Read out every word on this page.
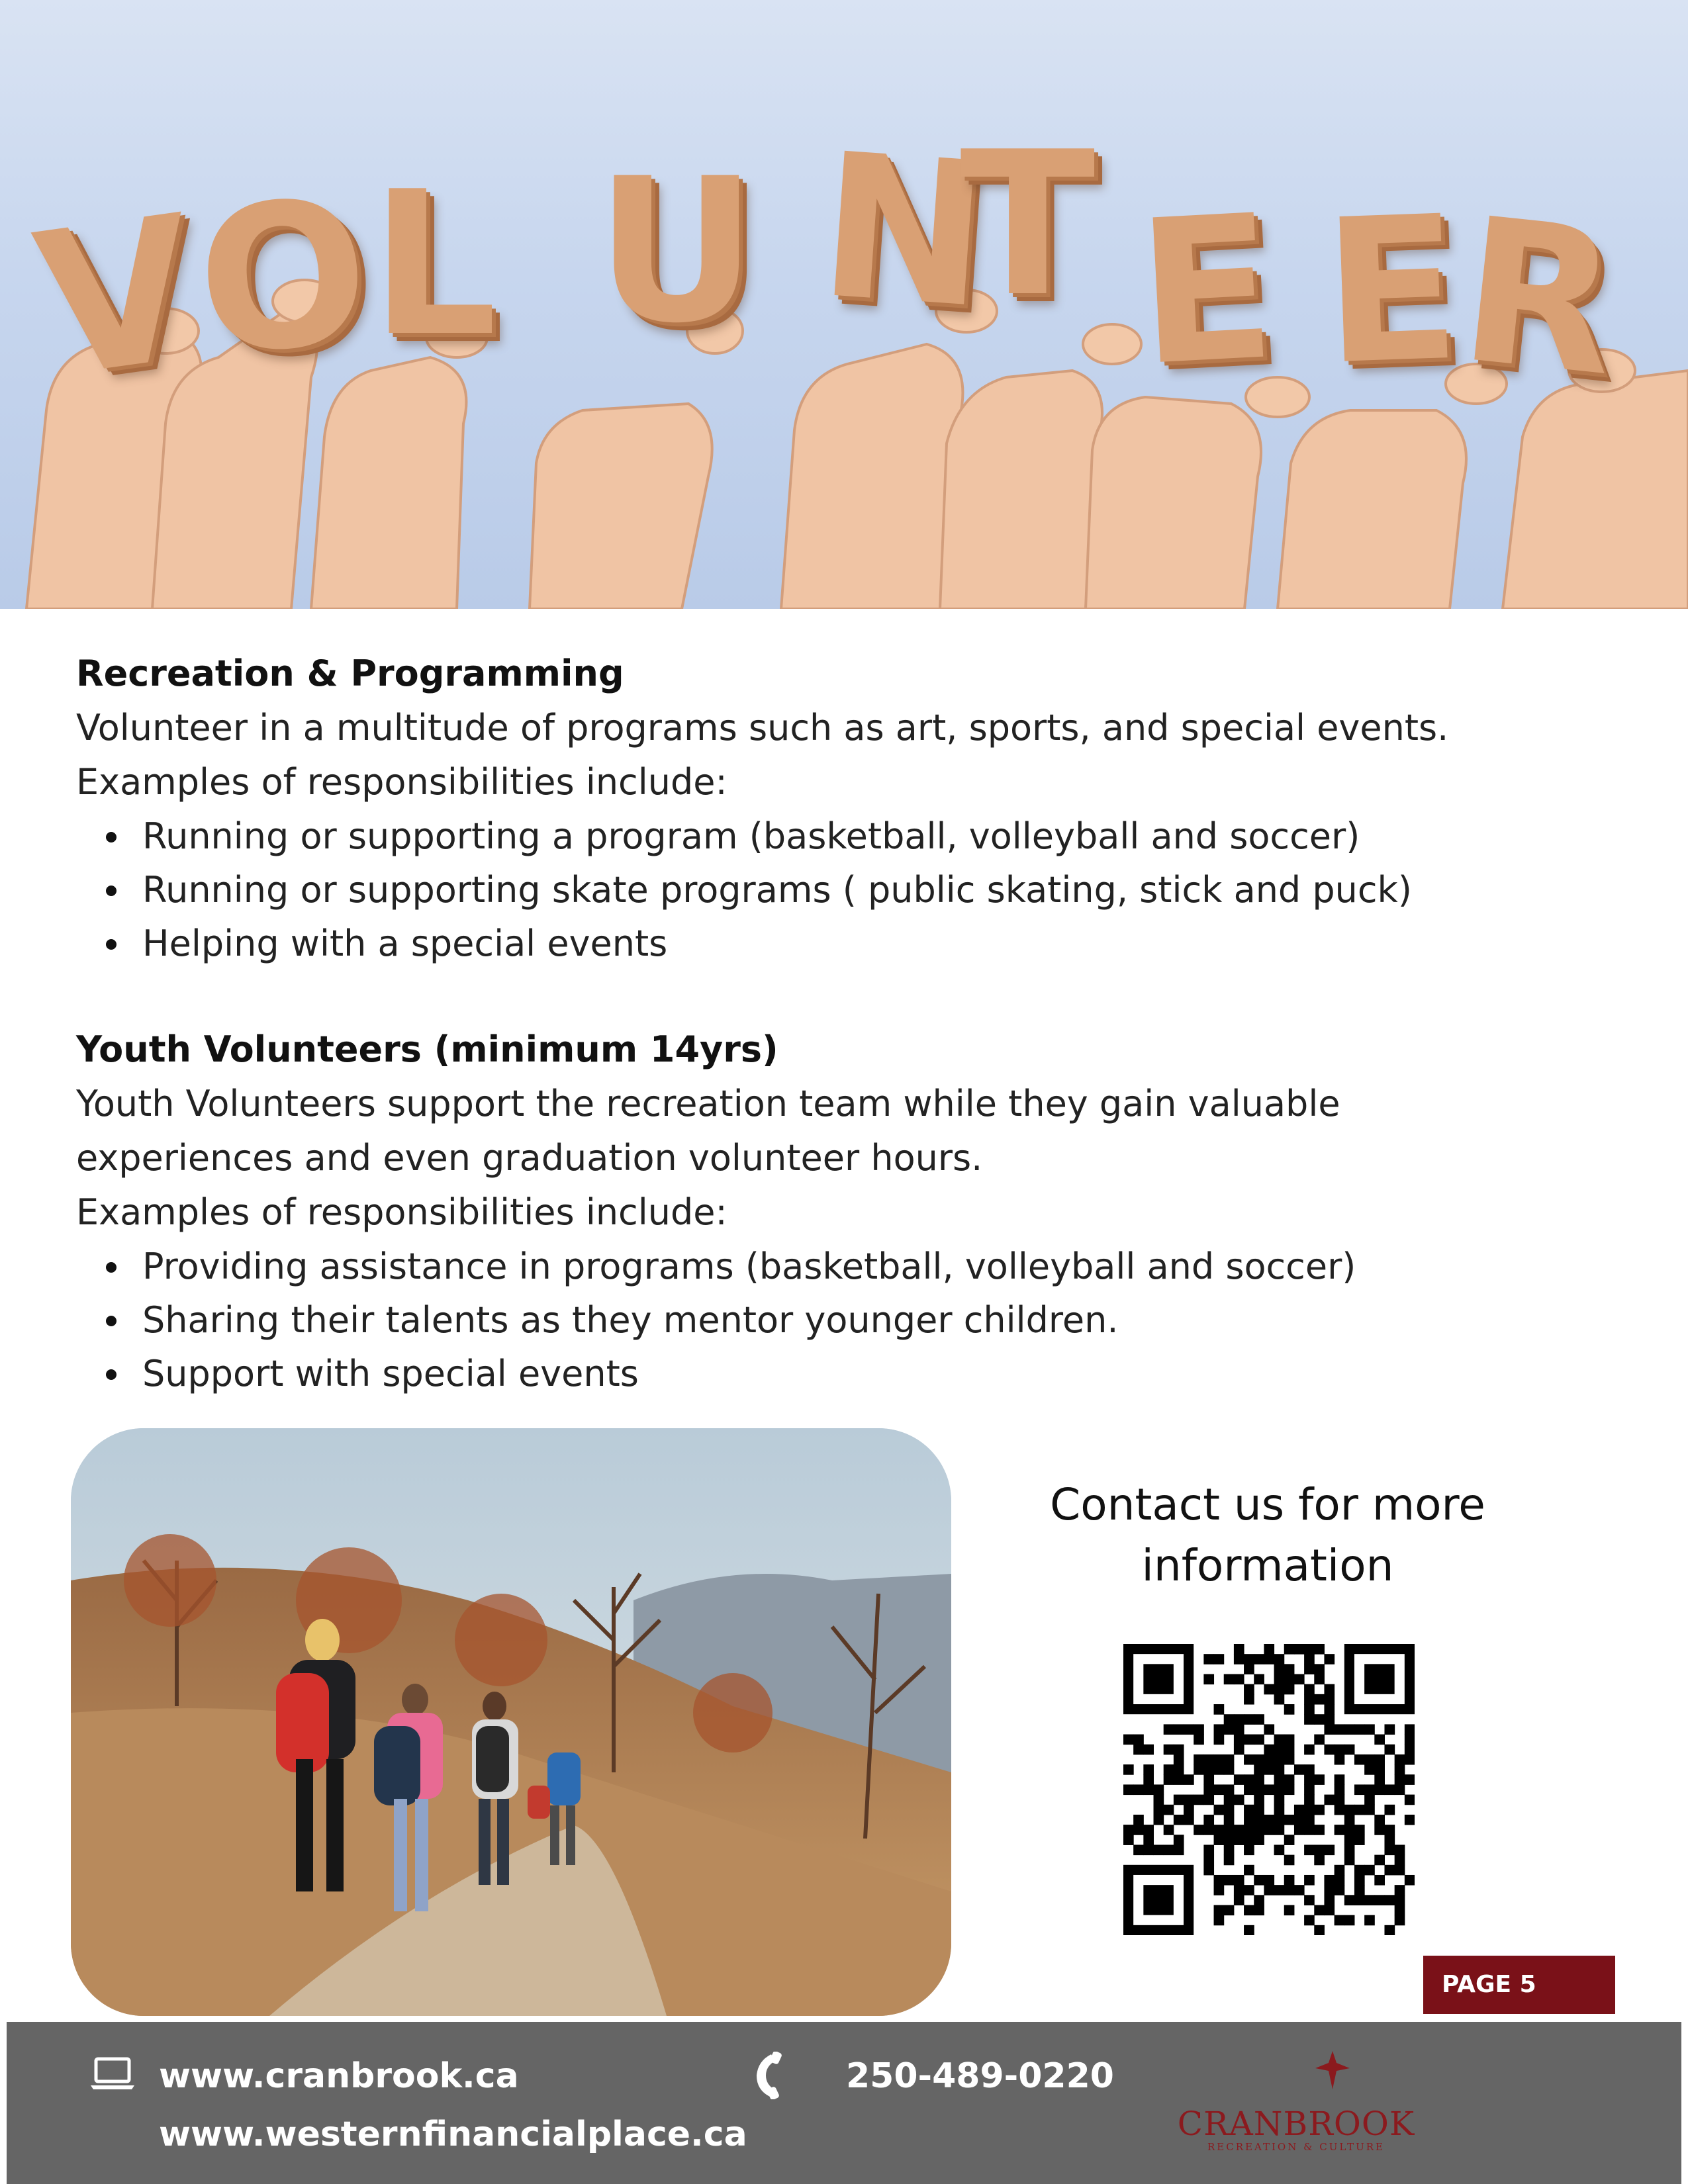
V
O
L U N
T E E
R
Recreation & Programming

Volunteer in a multitude of programs such as art, sports, and special events.

Examples of responsibilities include:

Running or supporting a program (basketball, volleyball and soccer)
Running or supporting skate programs ( public skating, stick and puck)
Helping with a special events
Youth Volunteers (minimum 14yrs)

Youth Volunteers support the recreation team while they gain valuable

experiences and even graduation volunteer hours.

Examples of responsibilities include:

Providing assistance in programs (basketball, volleyball and soccer)
Sharing their talents as they mentor younger children.
Support with special events
Contact us for more
information
PAGE 5
www.cranbrook.ca
www.westernfinancialplace.ca
250-489-0220
CRANBROOK
RECREATION & CULTURE
